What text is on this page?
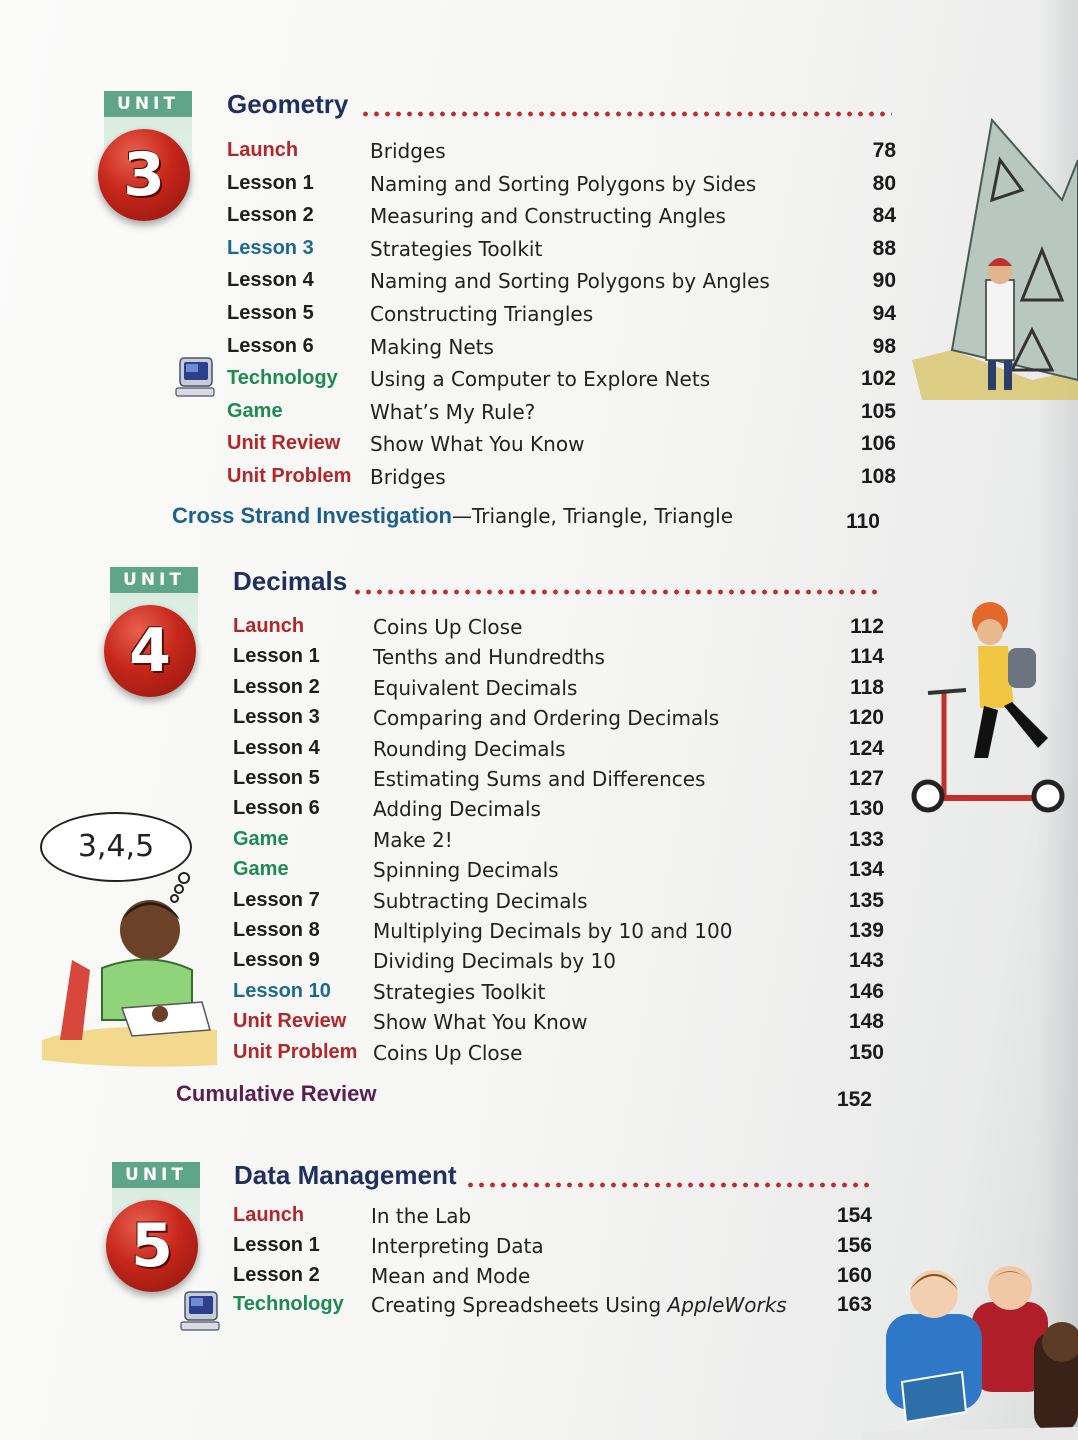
UNIT
3
Geometry
Launch	Bridges	78
Lesson 1	Naming and Sorting Polygons by Sides	80
Lesson 2	Measuring and Constructing Angles	84
Lesson 3	Strategies Toolkit	88
Lesson 4	Naming and Sorting Polygons by Angles	90
Lesson 5	Constructing Triangles	94
Lesson 6	Making Nets	98
Technology Using a Computer to Explore Nets	102
Game	What’s My Rule?	105
Unit Review Show What You Know	106
Unit Problem Bridges	108
Cross Strand Investigation—Triangle, Triangle, Triangle	110
UNIT
4
Decimals
Launch	Coins Up Close	112
Lesson 1	Tenths and Hundredths	114
Lesson 2	Equivalent Decimals	118
Lesson 3	Comparing and Ordering Decimals	120
Lesson 4	Rounding Decimals	124
Lesson 5	Estimating Sums and Differences	127
Lesson 6	Adding Decimals	130
Game	Make 2!	133
Game	Spinning Decimals	134
Lesson 7	Subtracting Decimals	135
Lesson 8	Multiplying Decimals by 10 and 100	139
Lesson 9	Dividing Decimals by 10	143
Lesson 10 Strategies Toolkit	146
Unit Review Show What You Know	148
Unit Problem Coins Up Close	150
Cumulative Review	152
UNIT
5
Data Management
Launch	In the Lab	154
Lesson 1	Interpreting Data	156
Lesson 2	Mean and Mode	160
Technology Creating Spreadsheets Using AppleWorks	163
3,4,5
